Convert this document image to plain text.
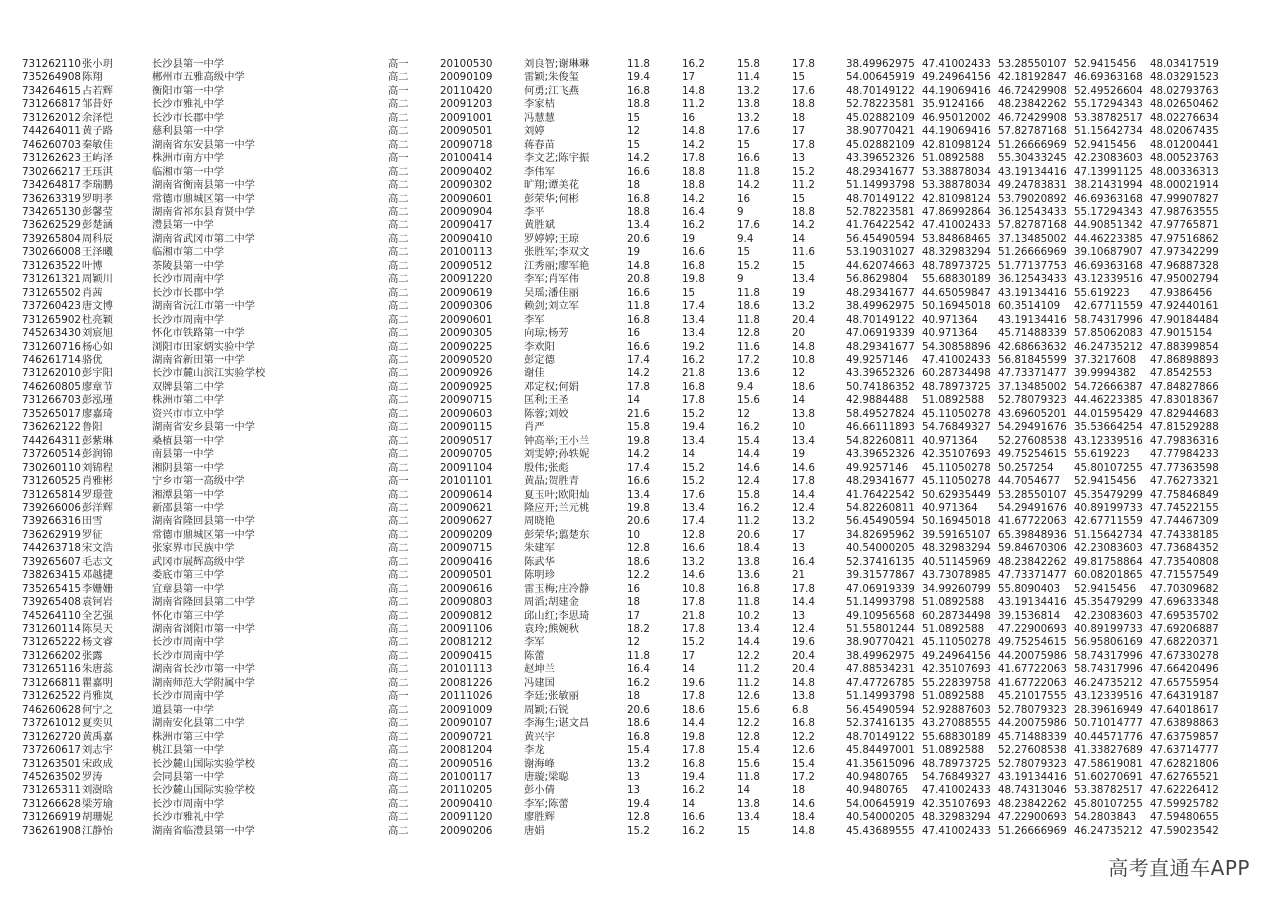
731262110	张小玥	长沙县第一中学	高一	20100530	刘良智;谢琳琳	11.8	16.2	15.8	17.8	38.49962975	47.41002433	53.28550107	52.9415456	48.03417519
735264908	陈翔	郴州市五雅高级中学	高二	20090109	雷颖;朱俊玺	19.4	17	11.4	15	54.00645919	49.24964156	42.18192847	46.69363168	48.03291523
734264615	占若辉	衡阳市第一中学	高一	20110420	何勇;江飞燕	16.8	14.8	13.2	17.6	48.70149122	44.19069416	46.72429908	52.49526604	48.02793763
731266817	邹昔妤	长沙市雅礼中学	高二	20091203	李家桔	18.8	11.2	13.8	18.8	52.78223581	35.9124166	48.23842262	55.17294343	48.02650462
731262012	余泽恺	长沙市长郡中学	高二	20091001	冯慧慧	15	16	13.2	18	45.02882109	46.95012002	46.72429908	53.38782517	48.02276634
744264011	黄子路	慈利县第一中学	高二	20090501	刘婷	12	14.8	17.6	17	38.90770421	44.19069416	57.82787168	51.15642734	48.02067435
746260703	秦敏佳	湖南省东安县第一中学	高二	20090718	蒋春苗	15	14.2	15	17.8	45.02882109	42.81098124	51.26666969	52.9415456	48.01200441
731262623	王屿泽	株洲市南方中学	高一	20100414	李文艺;陈宇振	14.2	17.8	16.6	13	43.39652326	51.0892588	55.30433245	42.23083603	48.00523763
730266217	王珏淇	临湘市第一中学	高二	20090402	李伟军	16.6	18.8	11.8	15.2	48.29341677	53.38878034	43.19134416	47.13991125	48.00336313
734264817	李瑞鹏	湖南省衡南县第一中学	高二	20090302	旷翔;谭美花	18	18.8	14.2	11.2	51.14993798	53.38878034	49.24783831	38.21431994	48.00021914
736263319	罗明孝	常德市鼎城区第一中学	高二	20090601	彭荣华;何彬	16.8	14.2	16	15	48.70149122	42.81098124	53.79020892	46.69363168	47.99907827
734265130	彭馨莹	湖南省祁东县育贤中学	高二	20090904	李平	18.8	16.4	9	18.8	52.78223581	47.86992864	36.12543433	55.17294343	47.98763555
736262529	彭楚涵	澧县第一中学	高二	20090417	黄胜斌	13.4	16.2	17.6	14.2	41.76422542	47.41002433	57.82787168	44.90851342	47.97765871
739265804	周科辰	湖南省武冈市第二中学	高二	20090410	罗婷婷;王琼	20.6	19	9.4	14	56.45490594	53.84868465	37.13485002	44.46223385	47.97516862
730266008	王泽曦	临湘市第二中学	高二	20100113	张胜军;李双文	19	16.6	15	11.6	53.19031027	48.32983294	51.26666969	39.10687907	47.97342299
731263522	叶博	茶陵县第一中学	高二	20090512	江秀丽;廖军艳	14.8	16.8	15.2	15	44.62074663	48.78973725	51.77137753	46.69363168	47.96887328
731261321	周颖川	长沙市周南中学	高二	20091220	李军;肖军伟	20.8	19.8	9	13.4	56.8629804	55.68830189	36.12543433	43.12339516	47.95002794
731265502	肖茜	长沙市长郡中学	高二	20090619	吴瑶;潘佳丽	16.6	15	11.8	19	48.29341677	44.65059847	43.19134416	55.619223	47.9386456
737260423	唐文博	湖南省沅江市第一中学	高二	20090306	赖剑;刘立军	11.8	17.4	18.6	13.2	38.49962975	50.16945018	60.3514109	42.67711559	47.92440161
731265902	杜亮颖	长沙市周南中学	高二	20090601	李军	16.8	13.4	11.8	20.4	48.70149122	40.971364	43.19134416	58.74317996	47.90184484
745263430	刘宸旭	怀化市铁路第一中学	高二	20090305	向琼;杨芳	16	13.4	12.8	20	47.06919339	40.971364	45.71488339	57.85062083	47.9015154
731260716	杨心如	浏阳市田家炳实验中学	高二	20090225	李欢阳	16.6	19.2	11.6	14.8	48.29341677	54.30858896	42.68663632	46.24735212	47.88399854
746261714	骆优	湖南省新田第一中学	高二	20090520	彭定德	17.4	16.2	17.2	10.8	49.9257146	47.41002433	56.81845599	37.3217608	47.86898893
731262010	彭宇阳	长沙市麓山滨江实验学校	高二	20090926	谢佳	14.2	21.8	13.6	12	43.39652326	60.28734498	47.73371477	39.9994382	47.8542553
746260805	廖章节	双牌县第二中学	高二	20090925	邓定权;何娟	17.8	16.8	9.4	18.6	50.74186352	48.78973725	37.13485002	54.72666387	47.84827866
731266703	彭泓瑾	株洲市第二中学	高二	20090715	匡利;王圣	14	17.8	15.6	14	42.9884488	51.0892588	52.78079323	44.46223385	47.83018367
735265017	廖嘉琦	资兴市市立中学	高二	20090603	陈蓉;刘姣	21.6	15.2	12	13.8	58.49527824	45.11050278	43.69605201	44.01595429	47.82944683
736262122	鲁阳	湖南省安乡县第一中学	高二	20090115	肖严	15.8	19.4	16.2	10	46.66111893	54.76849327	54.29491676	35.53664254	47.81529288
744264311	彭紫琳	桑植县第一中学	高二	20090517	钟高举;王小兰	19.8	13.4	15.4	13.4	54.82260811	40.971364	52.27608538	43.12339516	47.79836316
737260514	彭润锦	南县第一中学	高二	20090705	刘雯婷;孙轶妮	14.2	14	14.4	19	43.39652326	42.35107693	49.75254615	55.619223	47.77984233
730260110	刘锦程	湘阴县第一中学	高二	20091104	殷伟;张彪	17.4	15.2	14.6	14.6	49.9257146	45.11050278	50.257254	45.80107255	47.77363598
731260525	肖雅彬	宁乡市第一高级中学	高一	20101101	黄晶;贺胜青	16.6	15.2	12.4	17.8	48.29341677	45.11050278	44.7054677	52.9415456	47.76273321
731265814	罗璟萱	湘潭县第一中学	高二	20090614	夏玉叶;欧阳灿	13.4	17.6	15.8	14.4	41.76422542	50.62935449	53.28550107	45.35479299	47.75846849
739266006	彭洋辉	新邵县第一中学	高二	20090621	隆应开;兰元桃	19.8	13.4	16.2	12.4	54.82260811	40.971364	54.29491676	40.89199733	47.74522155
739266316	田雪	湖南省隆回县第一中学	高二	20090627	周晓艳	20.6	17.4	11.2	13.2	56.45490594	50.16945018	41.67722063	42.67711559	47.74467309
736262919	罗征	常德市鼎城区第一中学	高二	20090209	彭荣华;翦楚东	10	12.8	20.6	17	34.82695962	39.59165107	65.39848936	51.15642734	47.74338185
744263718	宋文浩	张家界市民族中学	高二	20090715	朱建军	12.8	16.6	18.4	13	40.54000205	48.32983294	59.84670306	42.23083603	47.73684352
739265607	毛志文	武冈市展辉高级中学	高二	20090416	陈武华	18.6	13.2	13.8	16.4	52.37416135	40.51145969	48.23842262	49.81758864	47.73540808
738263415	邓越捷	娄底市第三中学	高二	20090501	陈明珍	12.2	14.6	13.6	21	39.31577867	43.73078985	47.73371477	60.08201865	47.71557549
735265415	李姗姗	宜章县第一中学	高二	20090616	雷玉梅;庄冷静	16	10.8	16.8	17.8	47.06919339	34.99260799	55.8090403	52.9415456	47.70309682
739265408	袁钶岩	湖南省隆回县第二中学	高二	20090803	周滔;胡建金	18	17.8	11.8	14.4	51.14993798	51.0892588	43.19134416	45.35479299	47.69633348
745264110	全艺强	怀化市第三中学	高二	20090812	邱山红;李思琦	17	21.8	10.2	13	49.10956568	60.28734498	39.1536814	42.23083603	47.69535702
731260114	陈昊天	湖南省浏阳市第一中学	高二	20091106	袁玲;熊婉秋	18.2	17.8	13.4	12.4	51.55801244	51.0892588	47.22900693	40.89199733	47.69206887
731265222	杨文睿	长沙市周南中学	高二	20081212	李军	12	15.2	14.4	19.6	38.90770421	45.11050278	49.75254615	56.95806169	47.68220371
731266202	张露	长沙市周南中学	高二	20090415	陈蕾	11.8	17	12.2	20.4	38.49962975	49.24964156	44.20075986	58.74317996	47.67330278
731265116	朱唐蕊	湖南省长沙市第一中学	高二	20101113	赵坤兰	16.4	14	11.2	20.4	47.88534231	42.35107693	41.67722063	58.74317996	47.66420496
731266811	瞿嘉明	湖南师范大学附属中学	高二	20081226	冯建国	16.2	19.6	11.2	14.8	47.47726785	55.22839758	41.67722063	46.24735212	47.65755954
731262522	肖雅岚	长沙市周南中学	高一	20111026	李廷;张敏丽	18	17.8	12.6	13.8	51.14993798	51.0892588	45.21017555	43.12339516	47.64319187
746260628	何宁之	道县第一中学	高二	20091009	周颖;石锐	20.6	18.6	15.6	6.8	56.45490594	52.92887603	52.78079323	28.39616949	47.64018617
737261012	夏奕贝	湖南安化县第二中学	高二	20090107	李海生;谌文昌	18.6	14.4	12.2	16.8	52.37416135	43.27088555	44.20075986	50.71014777	47.63898863
731262720	黄禹嘉	株洲市第三中学	高二	20090721	黄兴宇	16.8	19.8	12.8	12.2	48.70149122	55.68830189	45.71488339	40.44571776	47.63759857
737260617	刘志宇	桃江县第一中学	高二	20081204	李龙	15.4	17.8	15.4	12.6	45.84497001	51.0892588	52.27608538	41.33827689	47.63714777
731263501	宋政成	长沙麓山国际实验学校	高二	20090516	谢海峰	13.2	16.8	15.6	15.4	41.35615096	48.78973725	52.78079323	47.58619081	47.62821806
745263502	罗涛	会同县第一中学	高二	20100117	唐璇;梁聪	13	19.4	11.8	17.2	40.9480765	54.76849327	43.19134416	51.60270691	47.62765521
731265311	刘澍晗	长沙麓山国际实验学校	高二	20110205	彭小倩	13	16.2	14	18	40.9480765	47.41002433	48.74313046	53.38782517	47.62226412
731266628	梁芳瑜	长沙市周南中学	高二	20090410	李军;陈蕾	19.4	14	13.8	14.6	54.00645919	42.35107693	48.23842262	45.80107255	47.59925782
731266919	胡珊妮	长沙市雅礼中学	高二	20091120	廖胜辉	12.8	16.6	13.4	18.4	40.54000205	48.32983294	47.22900693	54.2803843	47.59480655
736261908	江静怡	湖南省临澧县第一中学	高二	20090206	唐娟	15.2	16.2	15	14.8	45.43689555	47.41002433	51.26666969	46.24735212	47.59023542
高考直通车APP
